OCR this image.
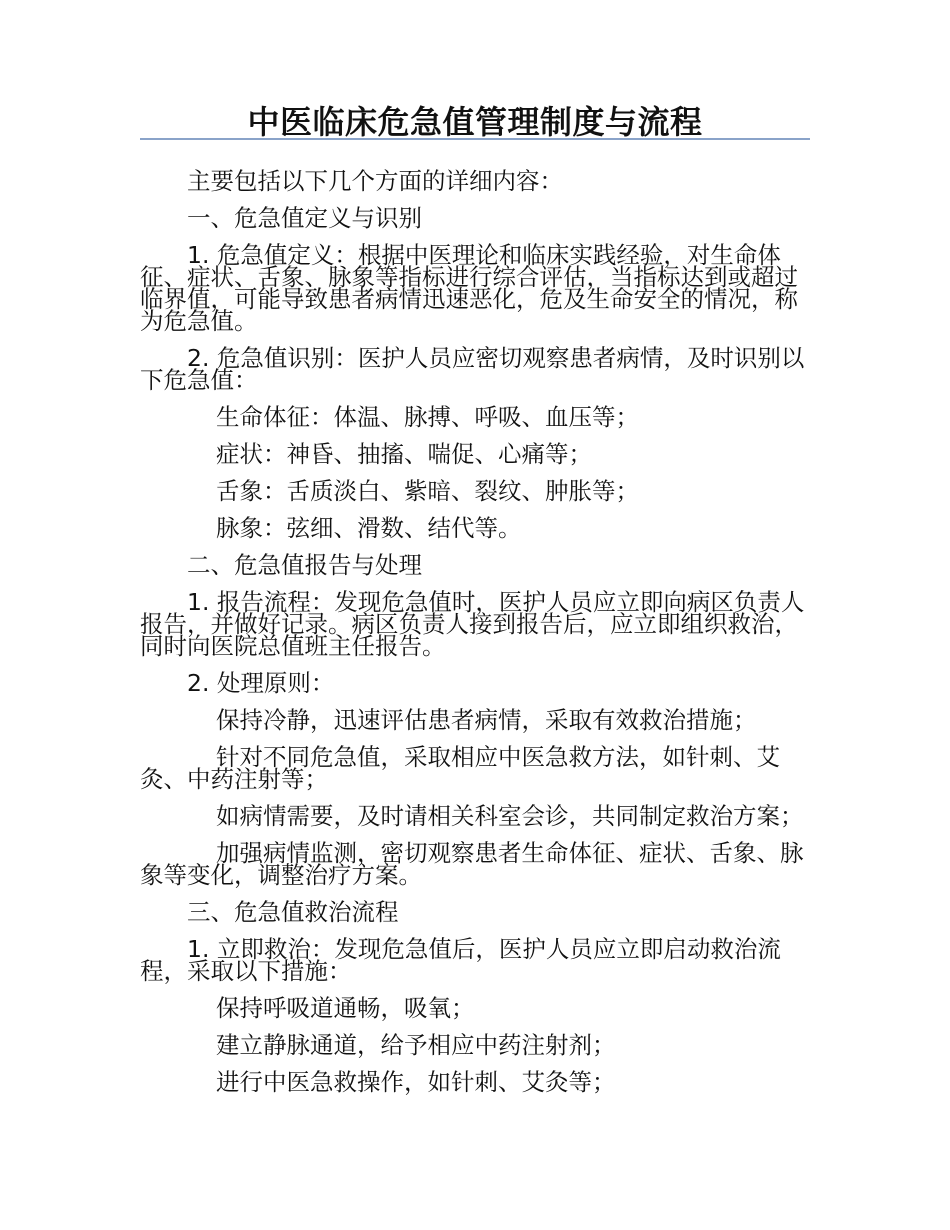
中医临床危急值管理制度与流程

主要包括以下几个方面的详细内容：

一、危急值定义与识别

1. 危急值定义：根据中医理论和临床实践经验，对生命体征、症状、舌象、脉象等指标进行综合评估，当指标达到或超过临界值，可能导致患者病情迅速恶化，危及生命安全的情况，称为危急值。

2. 危急值识别：医护人员应密切观察患者病情，及时识别以下危急值：

生命体征：体温、脉搏、呼吸、血压等；

症状：神昏、抽搐、喘促、心痛等；

舌象：舌质淡白、紫暗、裂纹、肿胀等；

脉象：弦细、滑数、结代等。

二、危急值报告与处理

1. 报告流程：发现危急值时，医护人员应立即向病区负责人报告，并做好记录。病区负责人接到报告后，应立即组织救治，同时向医院总值班主任报告。

2. 处理原则：

保持冷静，迅速评估患者病情，采取有效救治措施；

针对不同危急值，采取相应中医急救方法，如针刺、艾灸、中药注射等；

如病情需要，及时请相关科室会诊，共同制定救治方案；

加强病情监测，密切观察患者生命体征、症状、舌象、脉象等变化，调整治疗方案。

三、危急值救治流程

1. 立即救治：发现危急值后，医护人员应立即启动救治流程，采取以下措施：

保持呼吸道通畅，吸氧；

建立静脉通道，给予相应中药注射剂；

进行中医急救操作，如针刺、艾灸等；
